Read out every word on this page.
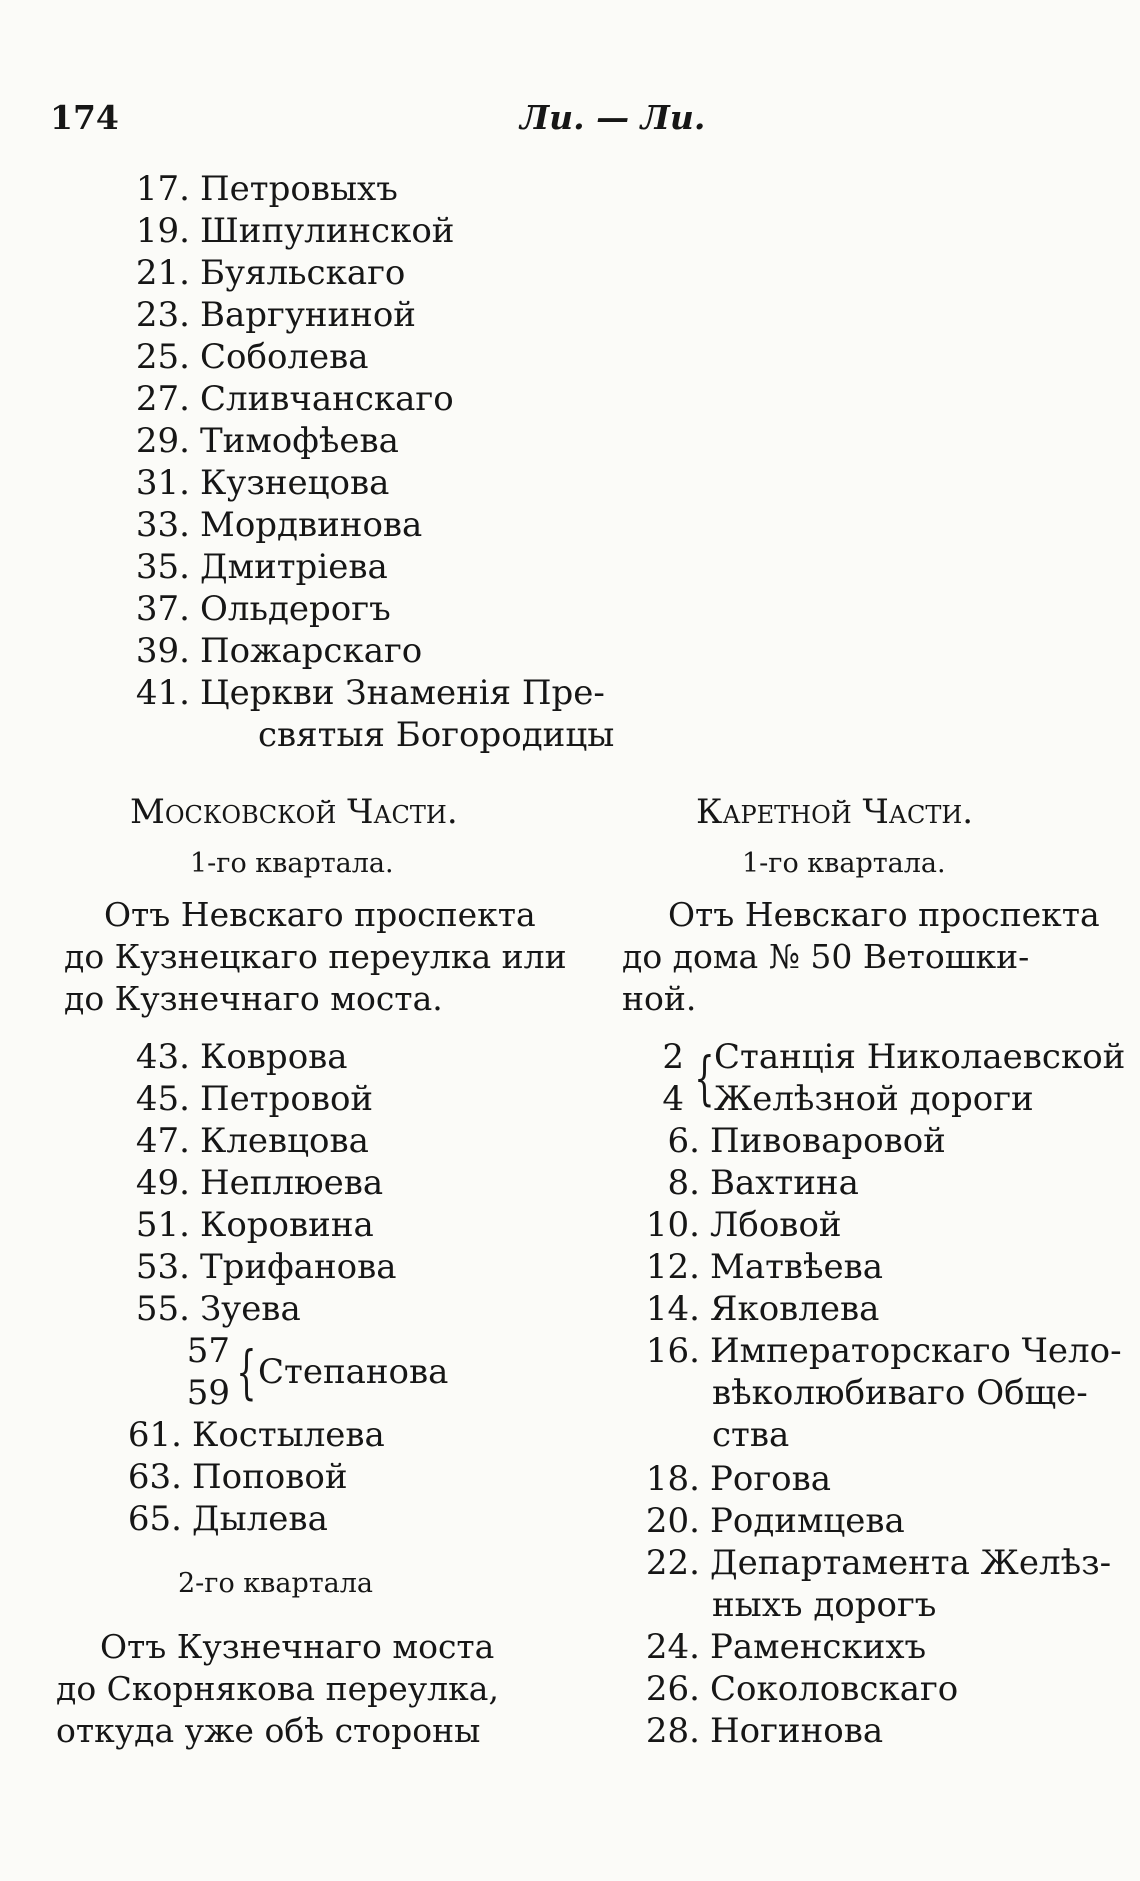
174	Ли. — Ли.
17. Петровыхъ
19. Шипулинской
21. Буяльскаго
23. Варгуниной
25. Соболева
27. Сливчанскаго
29. Тимофѣева
31. Кузнецова
33. Мордвинова
35. Дмитріева
37. Ольдерогъ
39. Пожарскаго
41. Церкви Знаменія Пре-
святыя Богородицы
Московской Части.
1-го квартала.
Отъ Невскаго проспекта
до Кузнецкаго переулка или
до Кузнечнаго моста.
43. Коврова
45. Петровой
47. Клевцова
49. Неплюева
51. Коровина
53. Трифанова
55. Зуева
57
59 { Степанова
61. Костылева
63. Поповой
65. Дылева
2-го квартала
Отъ Кузнечнаго моста
до Скорнякова переулка,
откуда уже обѣ стороны
Каретной Части.
1-го квартала.
Отъ Невскаго проспекта
до дома № 50 Ветошки-
ной.
2
4 { Станція Николаевской
Желѣзной дороги
6. Пивоваровой
8. Вахтина
10. Лбовой
12. Матвѣева
14. Яковлева
16. Императорскаго Чело-
вѣколюбиваго Обще-
ства
18. Рогова
20. Родимцева
22. Департамента Желѣз-
ныхъ дорогъ
24. Раменскихъ
26. Соколовскаго
28. Ногинова
